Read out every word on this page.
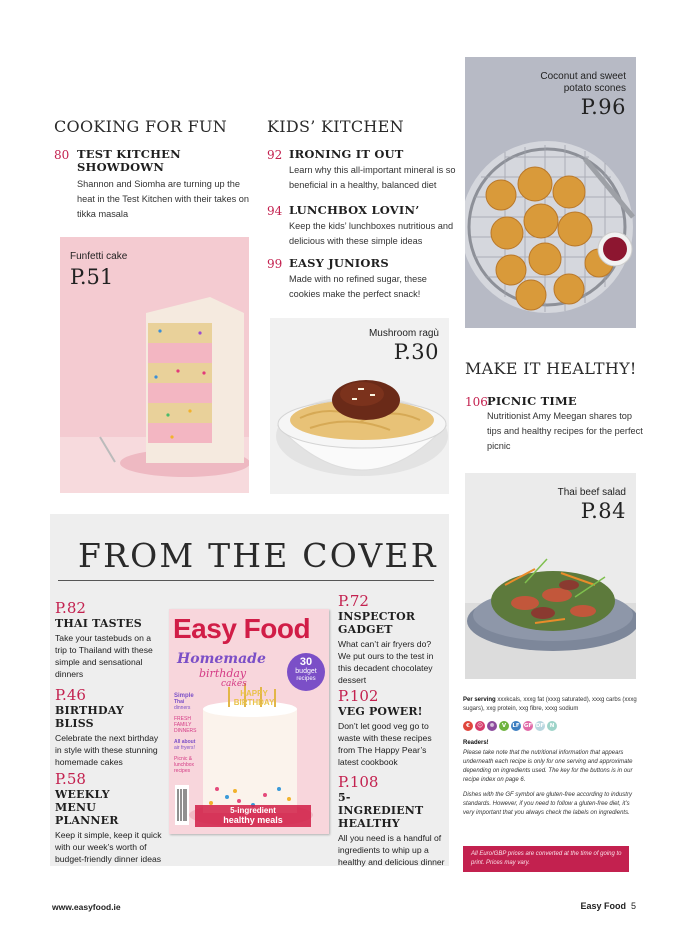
Coconut and sweet potato scones
P.96
COOKING FOR FUN KIDS’ KITCHEN
80 TEST KITCHEN SHOWDOWN
Shannon and Siomha are turning up the heat in the Test Kitchen with their takes on tikka masala
92 IRONING IT OUT
Learn why this all-important mineral is so beneficial in a healthy, balanced diet
94 LUNCHBOX LOVIN’
Keep the kids’ lunchboxes nutritious and delicious with these simple ideas
99 EASY JUNIORS
Made with no refined sugar, these cookies make the perfect snack!
Funfetti cake
P.51
Mushroom ragù
P.30
MAKE IT HEALTHY!
106 PICNIC TIME
Nutritionist Amy Meegan shares top tips and healthy recipes for the perfect picnic
Thai beef salad
P.84
FROM THE COVER
P.82
THAI TASTES
Take your tastebuds on a trip to Thailand with these simple and sensational dinners
P.46
BIRTHDAY BLISS
Celebrate the next birthday in style with these stunning homemade cakes
P.58
WEEKLY MENU PLANNER
Keep it simple, keep it quick with our week’s worth of budget-friendly dinner ideas
Easy Food
Homemade
birthday
cakes
30
budget
recipes
Simple
Thai
dinners
FRESH
FAMILY
DINNERS
All about
air fryers!
Picnic &
lunchbox
recipes
HAPPY BIRTHDAY
5-ingredient
healthy meals
P.72
INSPECTOR GADGET
What can’t air fryers do? We put ours to the test in this decadent chocolatey dessert
P.102
VEG POWER!
Don’t let good veg go to waste with these recipes from The Happy Pear’s latest cookbook
P.108
5-INGREDIENT HEALTHY
All you need is a handful of ingredients to whip up a healthy and delicious dinner
Per serving xxxkcals, xxxg fat (xxxg saturated), xxxg carbs (xxxg sugars), xxg protein, xxg fibre, xxxg sodium
€	☺	❁	V	LF GF DF	N
Readers!

Please take note that the nutritional information that appears underneath each recipe is only for one serving and approximate depending on ingredients used. The key for the buttons is in our recipe index on page 6.

Dishes with the GF symbol are gluten-free according to industry standards. However, if you need to follow a gluten-free diet, it’s very important that you always check the labels on ingredients.

All Euro/GBP prices are converted at the time of going to print. Prices may vary.
www.easyfood.ie	Easy Food 5
